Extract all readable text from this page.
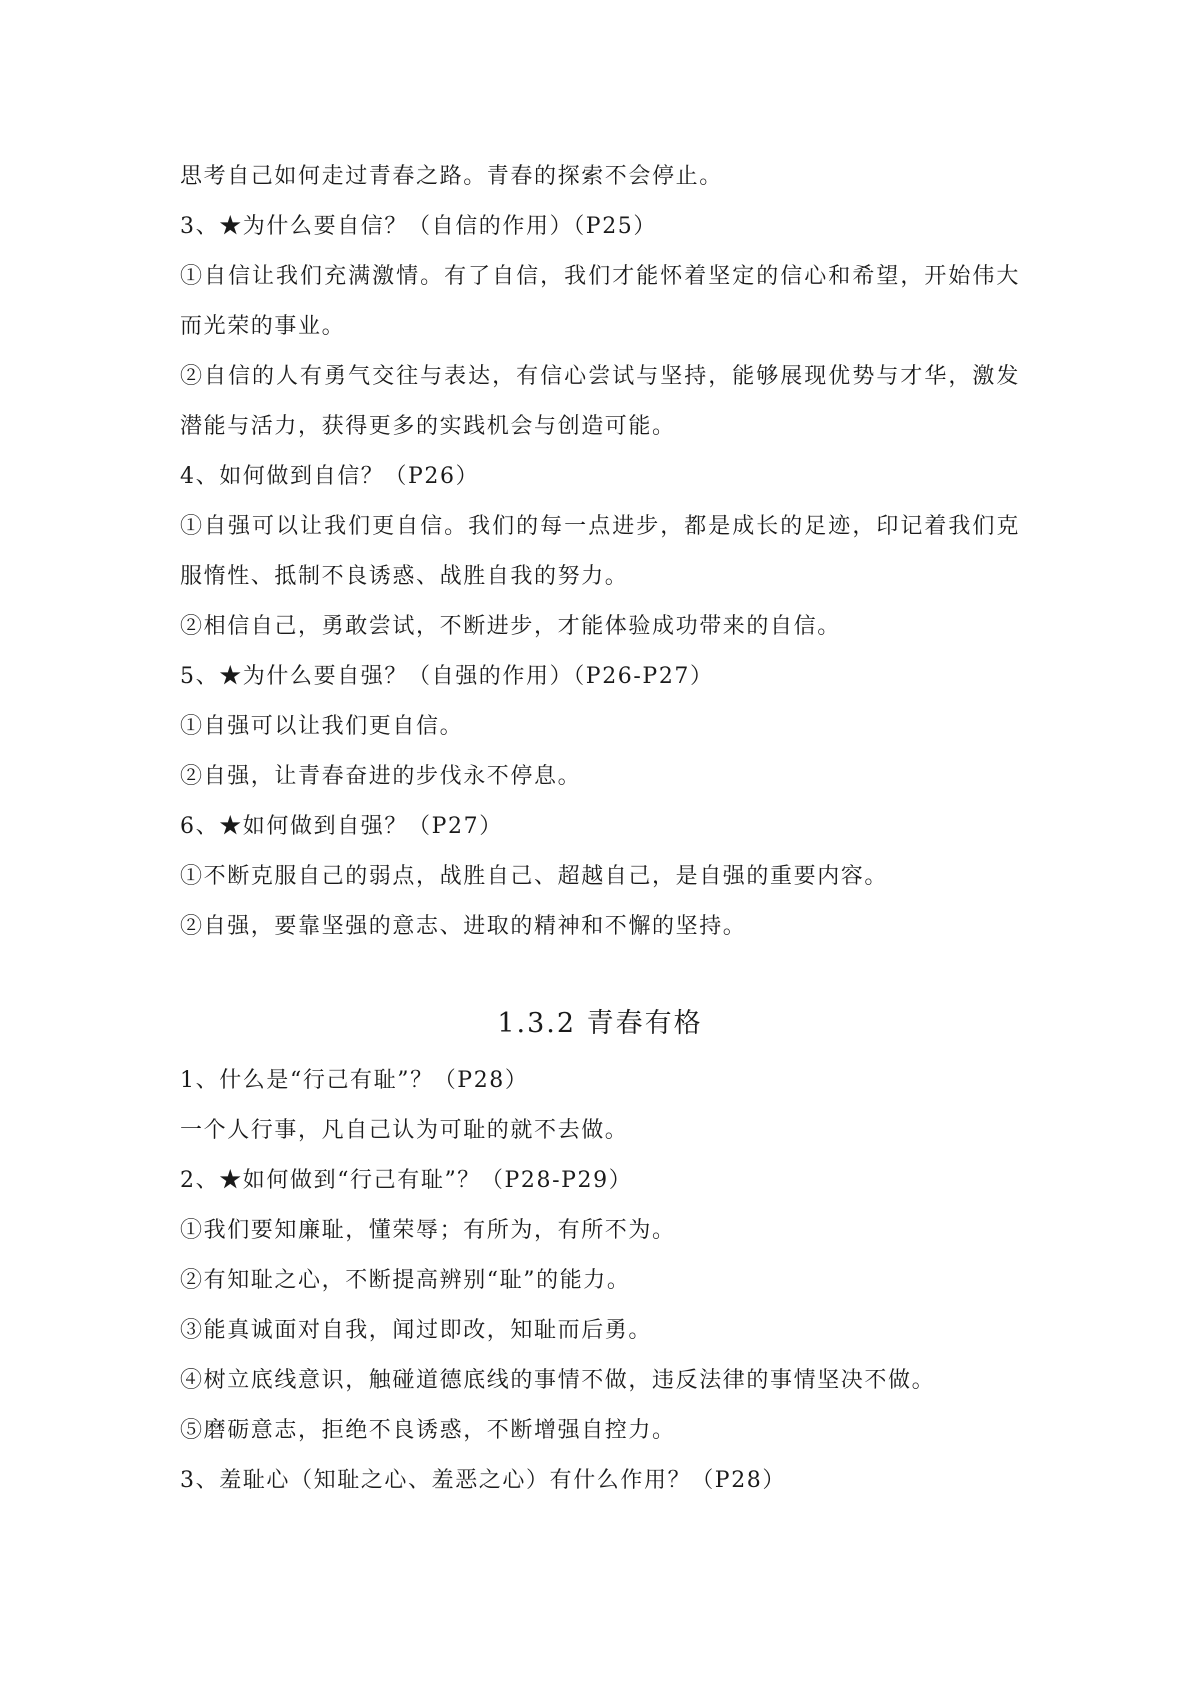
思考自己如何走过青春之路。青春的探索不会停止。
3、★为什么要自信？（自信的作用）（P25）
①自信让我们充满激情。有了自信，我们才能怀着坚定的信心和希望，开始伟大而光荣的事业。
②自信的人有勇气交往与表达，有信心尝试与坚持，能够展现优势与才华，激发潜能与活力，获得更多的实践机会与创造可能。
4、如何做到自信？（P26）
①自强可以让我们更自信。我们的每一点进步，都是成长的足迹，印记着我们克服惰性、抵制不良诱惑、战胜自我的努力。
②相信自己，勇敢尝试，不断进步，才能体验成功带来的自信。
5、★为什么要自强？（自强的作用）（P26-P27）
①自强可以让我们更自信。
②自强，让青春奋进的步伐永不停息。
6、★如何做到自强？（P27）
①不断克服自己的弱点，战胜自己、超越自己，是自强的重要内容。
②自强，要靠坚强的意志、进取的精神和不懈的坚持。
1.3.2 青春有格
1、什么是“行己有耻”？（P28）
一个人行事，凡自己认为可耻的就不去做。
2、★如何做到“行己有耻”？（P28-P29）
①我们要知廉耻，懂荣辱；有所为，有所不为。
②有知耻之心，不断提高辨别“耻”的能力。
③能真诚面对自我，闻过即改，知耻而后勇。
④树立底线意识，触碰道德底线的事情不做，违反法律的事情坚决不做。
⑤磨砺意志，拒绝不良诱惑，不断增强自控力。
3、羞耻心（知耻之心、羞恶之心）有什么作用？（P28）
